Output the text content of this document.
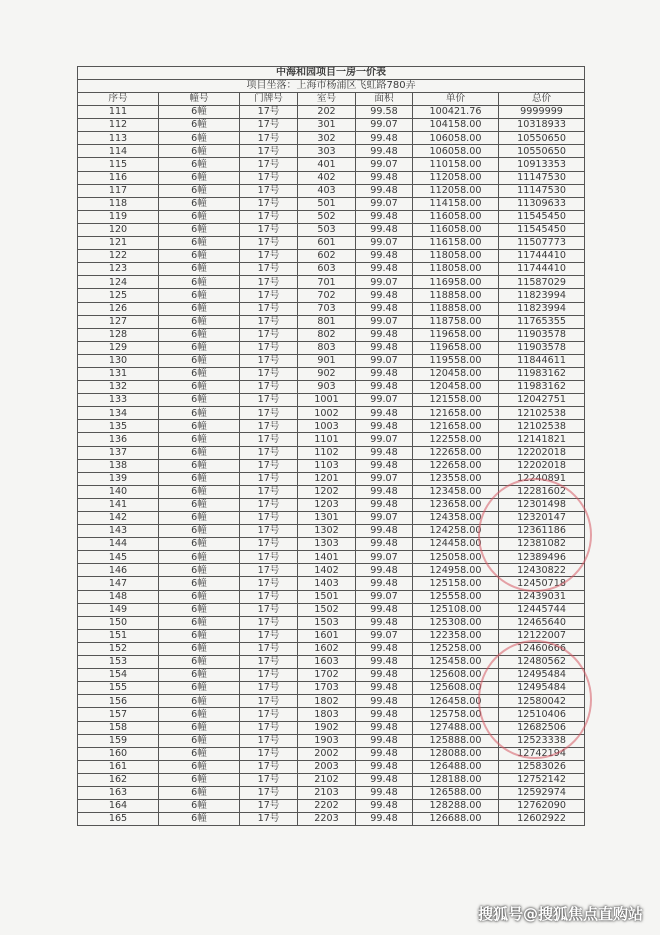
中海和园项目一房一价表						
项目坐落：上海市杨浦区飞虹路780弄						
序号	幢号	门牌号	室号	面积	单价	总价
111	6幢	17号	202	99.58	100421.76	9999999
112	6幢	17号	301	99.07	104158.00	10318933
113	6幢	17号	302	99.48	106058.00	10550650
114	6幢	17号	303	99.48	106058.00	10550650
115	6幢	17号	401	99.07	110158.00	10913353
116	6幢	17号	402	99.48	112058.00	11147530
117	6幢	17号	403	99.48	112058.00	11147530
118	6幢	17号	501	99.07	114158.00	11309633
119	6幢	17号	502	99.48	116058.00	11545450
120	6幢	17号	503	99.48	116058.00	11545450
121	6幢	17号	601	99.07	116158.00	11507773
122	6幢	17号	602	99.48	118058.00	11744410
123	6幢	17号	603	99.48	118058.00	11744410
124	6幢	17号	701	99.07	116958.00	11587029
125	6幢	17号	702	99.48	118858.00	11823994
126	6幢	17号	703	99.48	118858.00	11823994
127	6幢	17号	801	99.07	118758.00	11765355
128	6幢	17号	802	99.48	119658.00	11903578
129	6幢	17号	803	99.48	119658.00	11903578
130	6幢	17号	901	99.07	119558.00	11844611
131	6幢	17号	902	99.48	120458.00	11983162
132	6幢	17号	903	99.48	120458.00	11983162
133	6幢	17号	1001	99.07	121558.00	12042751
134	6幢	17号	1002	99.48	121658.00	12102538
135	6幢	17号	1003	99.48	121658.00	12102538
136	6幢	17号	1101	99.07	122558.00	12141821
137	6幢	17号	1102	99.48	122658.00	12202018
138	6幢	17号	1103	99.48	122658.00	12202018
139	6幢	17号	1201	99.07	123558.00	12240891
140	6幢	17号	1202	99.48	123458.00	12281602
141	6幢	17号	1203	99.48	123658.00	12301498
142	6幢	17号	1301	99.07	124358.00	12320147
143	6幢	17号	1302	99.48	124258.00	12361186
144	6幢	17号	1303	99.48	124458.00	12381082
145	6幢	17号	1401	99.07	125058.00	12389496
146	6幢	17号	1402	99.48	124958.00	12430822
147	6幢	17号	1403	99.48	125158.00	12450718
148	6幢	17号	1501	99.07	125558.00	12439031
149	6幢	17号	1502	99.48	125108.00	12445744
150	6幢	17号	1503	99.48	125308.00	12465640
151	6幢	17号	1601	99.07	122358.00	12122007
152	6幢	17号	1602	99.48	125258.00	12460666
153	6幢	17号	1603	99.48	125458.00	12480562
154	6幢	17号	1702	99.48	125608.00	12495484
155	6幢	17号	1703	99.48	125608.00	12495484
156	6幢	17号	1802	99.48	126458.00	12580042
157	6幢	17号	1803	99.48	125758.00	12510406
158	6幢	17号	1902	99.48	127488.00	12682506
159	6幢	17号	1903	99.48	125888.00	12523338
160	6幢	17号	2002	99.48	128088.00	12742194
161	6幢	17号	2003	99.48	126488.00	12583026
162	6幢	17号	2102	99.48	128188.00	12752142
163	6幢	17号	2103	99.48	126588.00	12592974
164	6幢	17号	2202	99.48	128288.00	12762090
165	6幢	17号	2203	99.48	126688.00	12602922
搜狐号@搜狐焦点直购站
